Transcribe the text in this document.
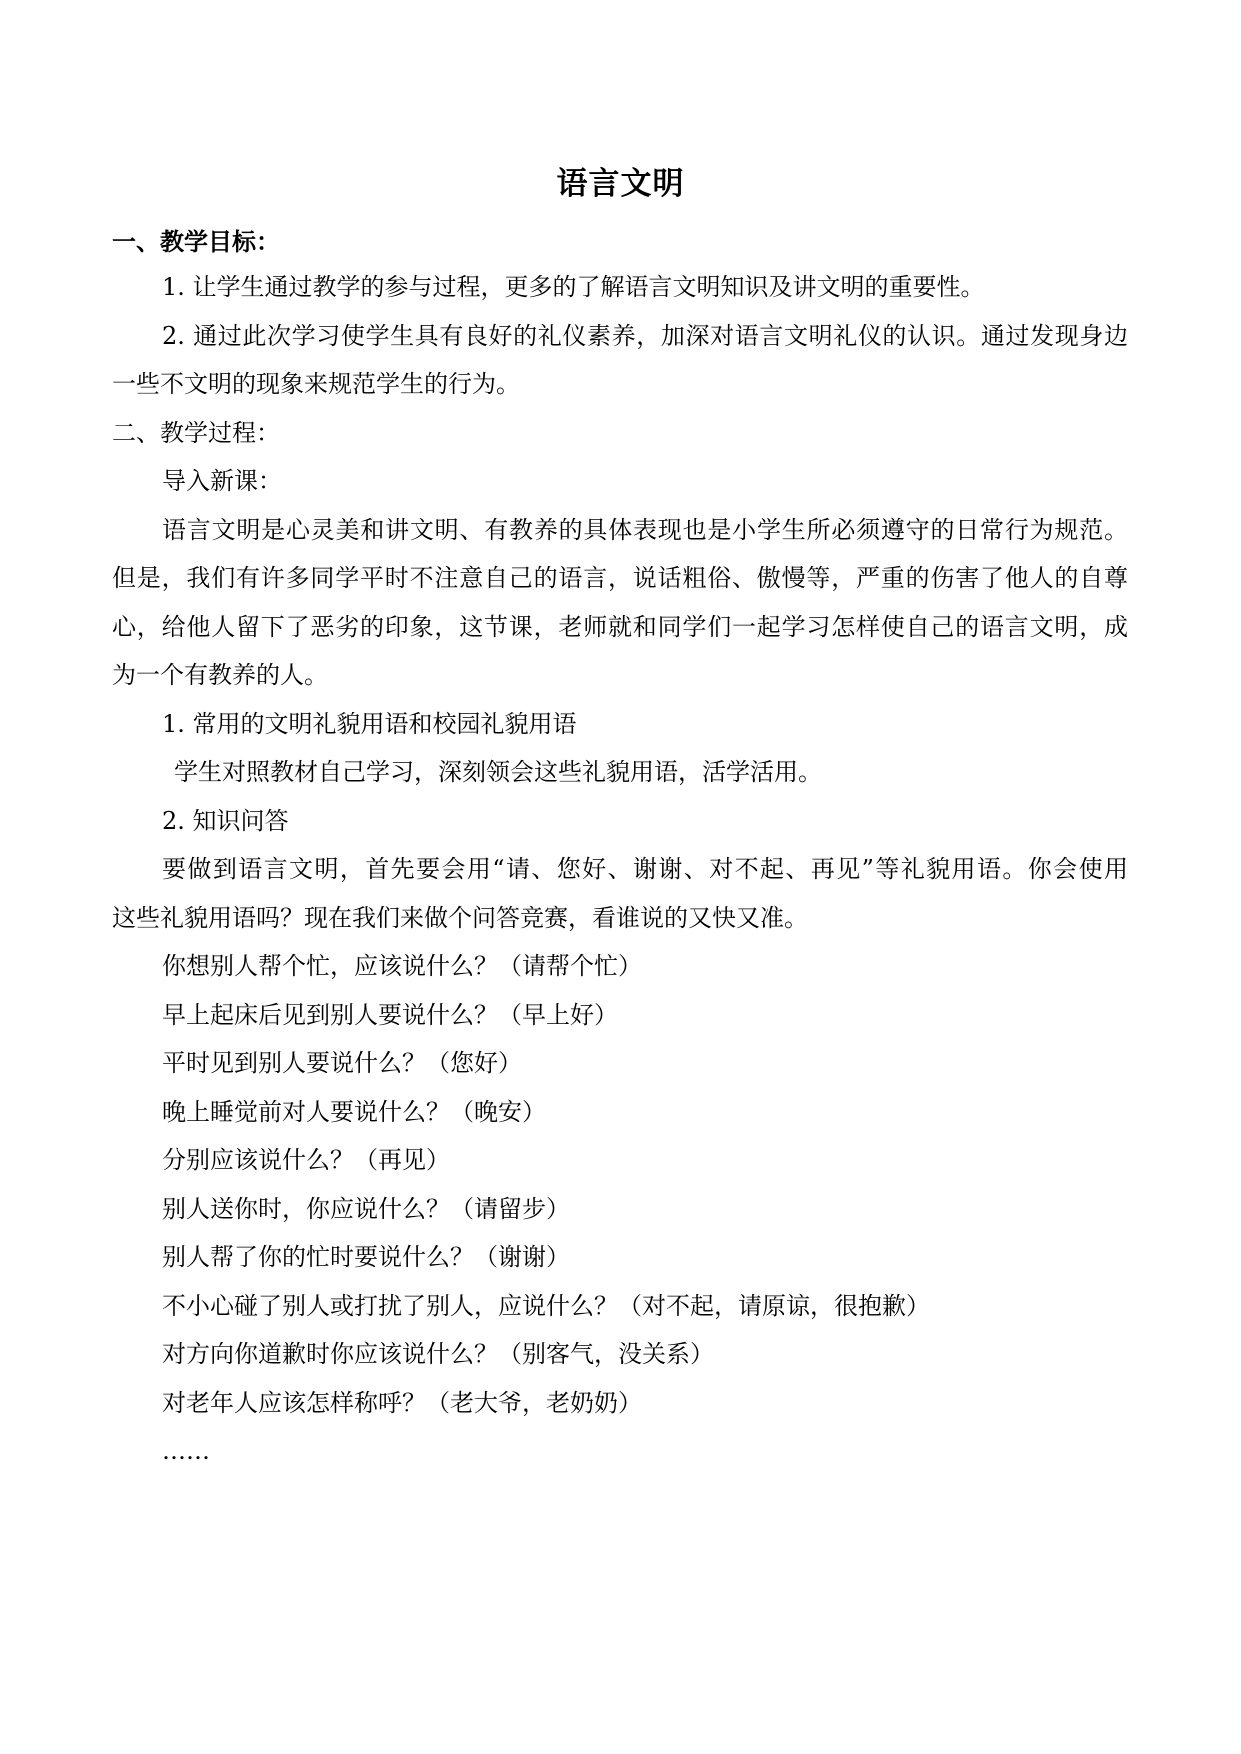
语言文明
一、教学目标：
1. 让学生通过教学的参与过程，更多的了解语言文明知识及讲文明的重要性。
2. 通过此次学习使学生具有良好的礼仪素养，加深对语言文明礼仪的认识。通过发现身边
一些不文明的现象来规范学生的行为。
二、教学过程：
导入新课：
语言文明是心灵美和讲文明、有教养的具体表现也是小学生所必须遵守的日常行为规范。
但是，我们有许多同学平时不注意自己的语言，说话粗俗、傲慢等，严重的伤害了他人的自尊
心，给他人留下了恶劣的印象，这节课，老师就和同学们一起学习怎样使自己的语言文明，成
为一个有教养的人。
1. 常用的文明礼貌用语和校园礼貌用语
学生对照教材自己学习，深刻领会这些礼貌用语，活学活用。
2. 知识问答
要做到语言文明，首先要会用“请、您好、谢谢、对不起、再见”等礼貌用语。你会使用
这些礼貌用语吗？现在我们来做个问答竞赛，看谁说的又快又准。
你想别人帮个忙，应该说什么？（请帮个忙）
早上起床后见到别人要说什么？（早上好）
平时见到别人要说什么？（您好）
晚上睡觉前对人要说什么？（晚安）
分别应该说什么？（再见）
别人送你时，你应说什么？（请留步）
别人帮了你的忙时要说什么？（谢谢）
不小心碰了别人或打扰了别人，应说什么？（对不起，请原谅，很抱歉）
对方向你道歉时你应该说什么？（别客气，没关系）
对老年人应该怎样称呼？（老大爷，老奶奶）
……
